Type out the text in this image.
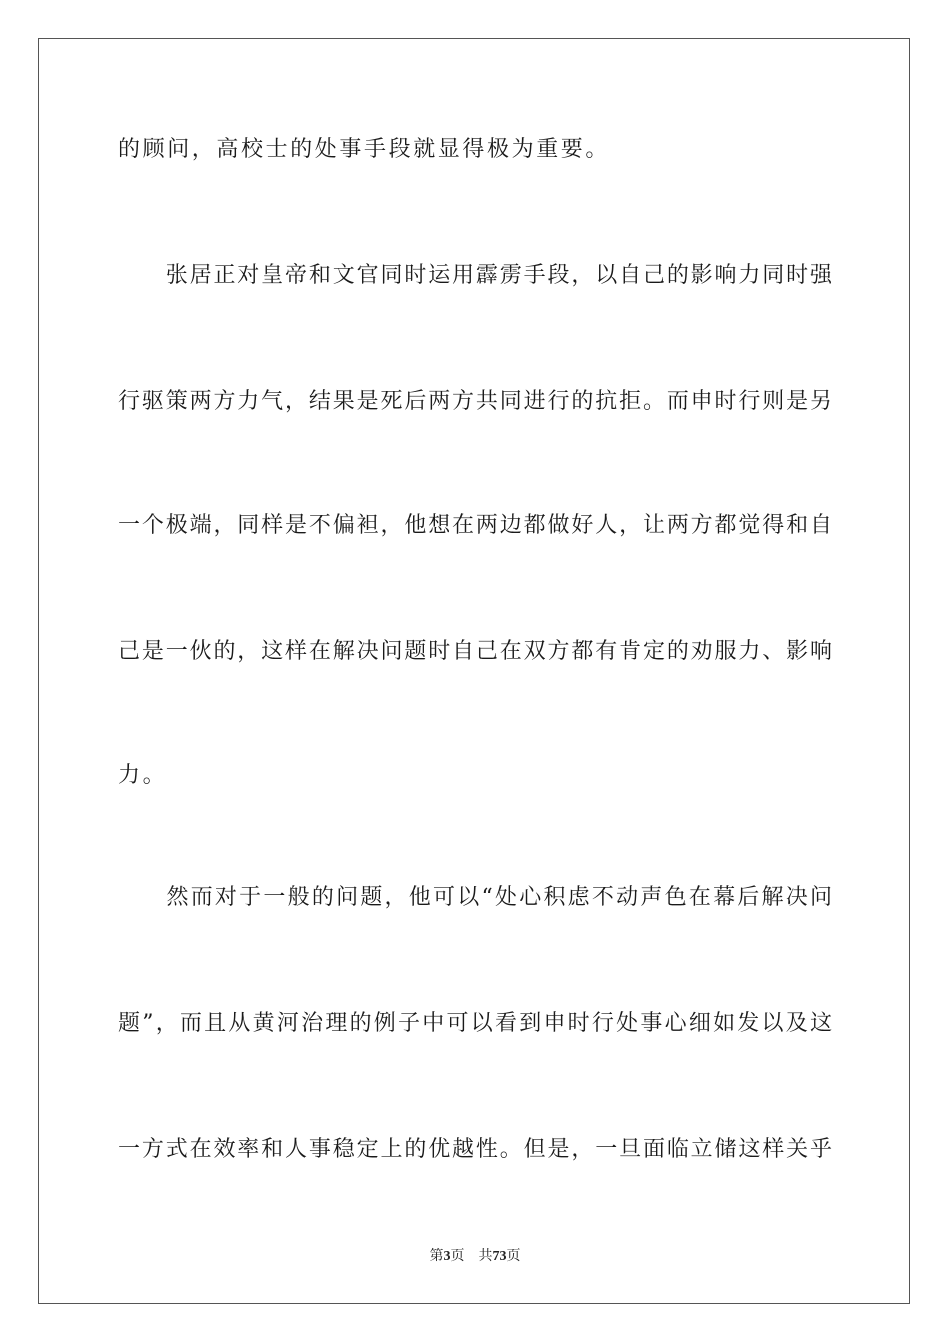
的顾问，高校士的处事手段就显得极为重要。
　　张居正对皇帝和文官同时运用霹雳手段，以自己的影响力同时强
行驱策两方力气，结果是死后两方共同进行的抗拒。而申时行则是另
一个极端，同样是不偏袒，他想在两边都做好人，让两方都觉得和自
己是一伙的，这样在解决问题时自己在双方都有肯定的劝服力、影响
力。
　　然而对于一般的问题，他可以“处心积虑不动声色在幕后解决问
题”，而且从黄河治理的例子中可以看到申时行处事心细如发以及这
一方式在效率和人事稳定上的优越性。但是，一旦面临立储这样关乎
第3页 共73页
